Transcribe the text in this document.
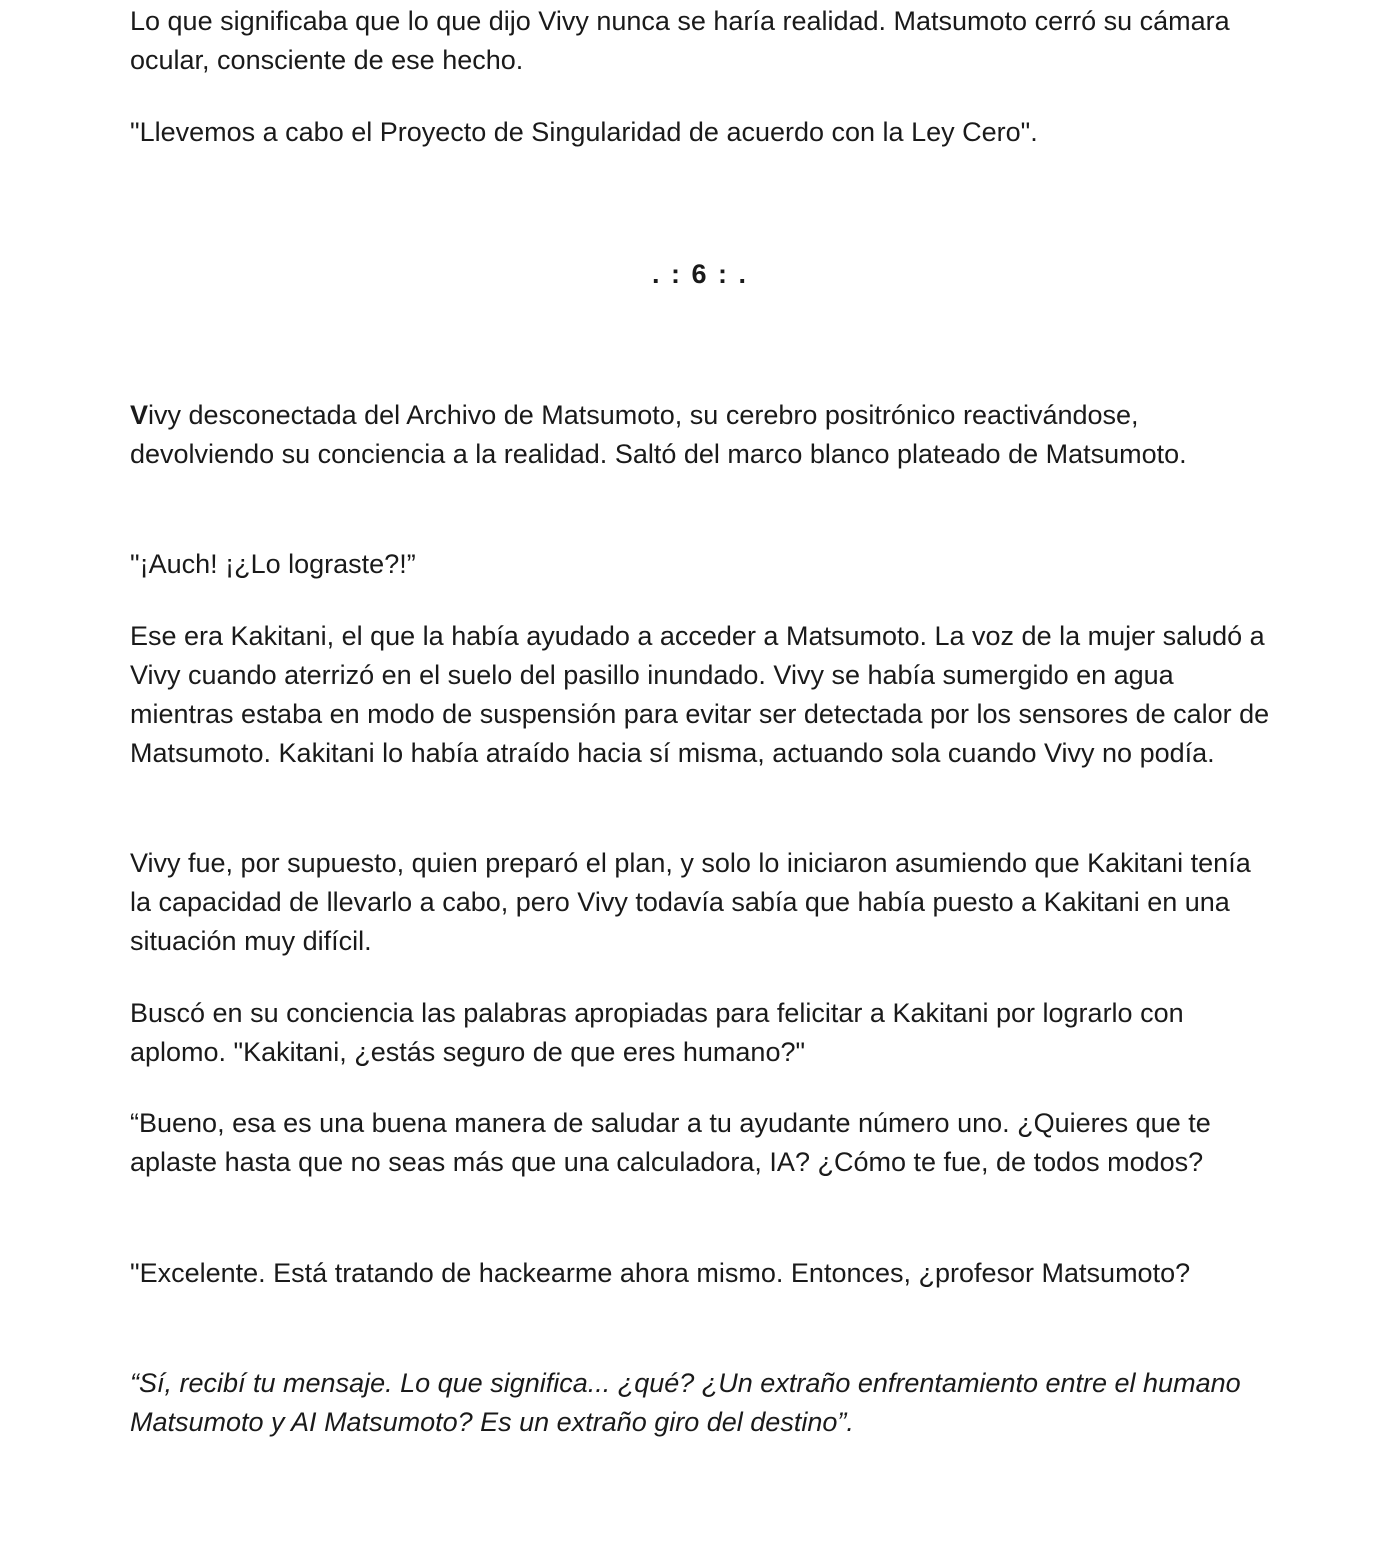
Lo que significaba que lo que dijo Vivy nunca se haría realidad. Matsumoto cerró su cámara ocular, consciente de ese hecho.

"Llevemos a cabo el Proyecto de Singularidad de acuerdo con la Ley Cero".

. : 6 : .

Vivy desconectada del Archivo de Matsumoto, su cerebro positrónico reactivándose, devolviendo su conciencia a la realidad. Saltó del marco blanco plateado de Matsumoto.

"¡Auch! ¡¿Lo lograste?!”

Ese era Kakitani, el que la había ayudado a acceder a Matsumoto. La voz de la mujer saludó a Vivy cuando aterrizó en el suelo del pasillo inundado. Vivy se había sumergido en agua mientras estaba en modo de suspensión para evitar ser detectada por los sensores de calor de Matsumoto. Kakitani lo había atraído hacia sí misma, actuando sola cuando Vivy no podía.

Vivy fue, por supuesto, quien preparó el plan, y solo lo iniciaron asumiendo que Kakitani tenía la capacidad de llevarlo a cabo, pero Vivy todavía sabía que había puesto a Kakitani en una situación muy difícil.

Buscó en su conciencia las palabras apropiadas para felicitar a Kakitani por lograrlo con aplomo. "Kakitani, ¿estás seguro de que eres humano?"

“Bueno, esa es una buena manera de saludar a tu ayudante número uno. ¿Quieres que te aplaste hasta que no seas más que una calculadora, IA? ¿Cómo te fue, de todos modos?

"Excelente. Está tratando de hackearme ahora mismo. Entonces, ¿profesor Matsumoto?

“Sí, recibí tu mensaje. Lo que significa... ¿qué? ¿Un extraño enfrentamiento entre el humano Matsumoto y AI Matsumoto? Es un extraño giro del destino”.
